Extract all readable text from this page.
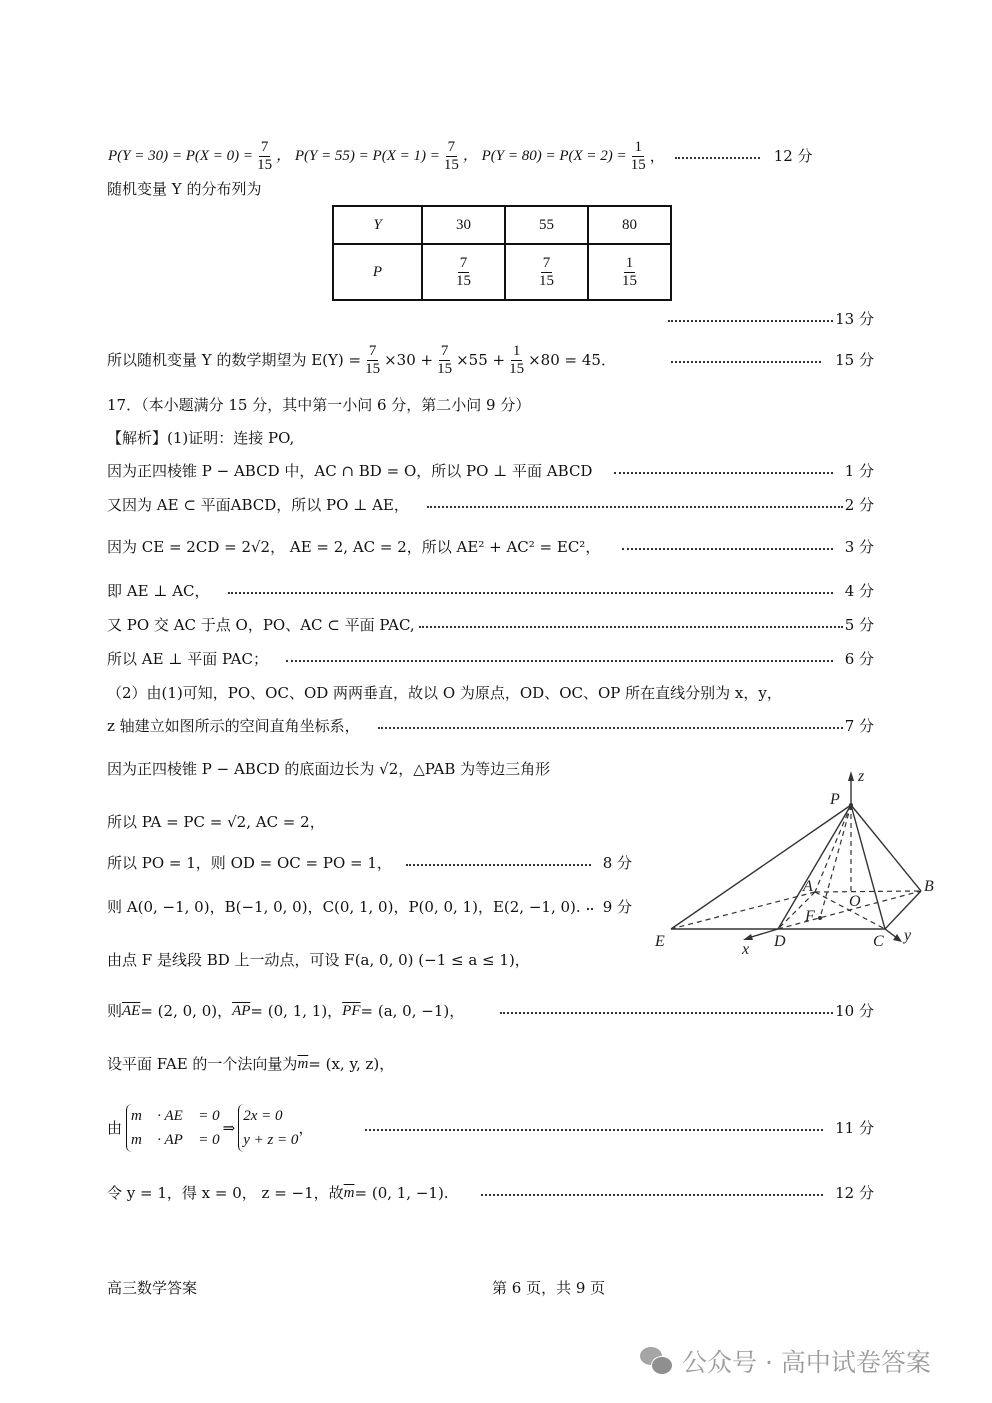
$P(Y = 30) = P(X = 0) = \frac{7}{15}$ ， $P(Y = 55) = P(X = 1) = \frac{7}{15}$ ， $P(Y = 80) = P(X = 2) = \frac{1}{15}$ ，	12 分
随机变量 Y 的分布列为
Y	30	55	80
P	$\frac{7}{15}$	$\frac{7}{15}$	$\frac{1}{15}$
13 分
所以随机变量 Y 的数学期望为 $E(Y) = \frac{7}{15} \times 30 + \frac{7}{15} \times 55 + \frac{1}{15} \times 80 = 45$．	15 分
17．（本小题满分 15 分，其中第一小问 6 分，第二小问 9 分）
【解析】(1)证明：连接 PO,
因为正四棱锥 P − ABCD 中，AC ∩ BD = O，所以 PO ⊥ 平面 ABCD	1 分
又因为 AE ⊂ 平面ABCD，所以 PO ⊥ AE，	2 分
因为 CE = 2CD = 2√2， AE = 2, AC = 2，所以 AE² + AC² = EC²，	3 分
即 AE ⊥ AC，	4 分
又 PO 交 AC 于点 O，PO、AC ⊂ 平面 PAC,	5 分
所以 AE ⊥ 平面 PAC；	6 分
（2）由(1)可知，PO、OC、OD 两两垂直，故以 O 为原点，OD、OC、OP 所在直线分别为 x，y，
z 轴建立如图所示的空间直角坐标系，	7 分
因为正四棱锥 P − ABCD 的底面边长为 √2，△PAB 为等边三角形
所以 PA = PC = √2, AC = 2，
所以 PO = 1，则 OD = OC = PO = 1，	8 分
则 A(0, −1, 0)，B(−1, 0, 0)，C(0, 1, 0)，P(0, 0, 1)，E(2, −1, 0). 9 分
由点 F 是线段 BD 上一动点，可设 F(a, 0, 0) (−1 ≤ a ≤ 1)，
则 $\overline{AE} = (2$, 0, 0)， $\overline{AP} = (0$, 1, 1)， $\overline{PF} = (a$, 0, −1)，	10 分
设平面 FAE 的一个法向量为 $\overline{m} = (x$, y, z)，
由
m⃗ · AE⃗ = 0
m⃗ · AP⃗ = 0
⇒
2x = 0
y + z = 0
，	11 分
令 y = 1，得 x = 0， z = −1，故 $\overline{m} = (0$, 1, −1).	12 分
z
P
A	B
O
F
E	D	C
x
y
高三数学答案	第 6 页，共 9 页
公众号 · 高中试卷答案
